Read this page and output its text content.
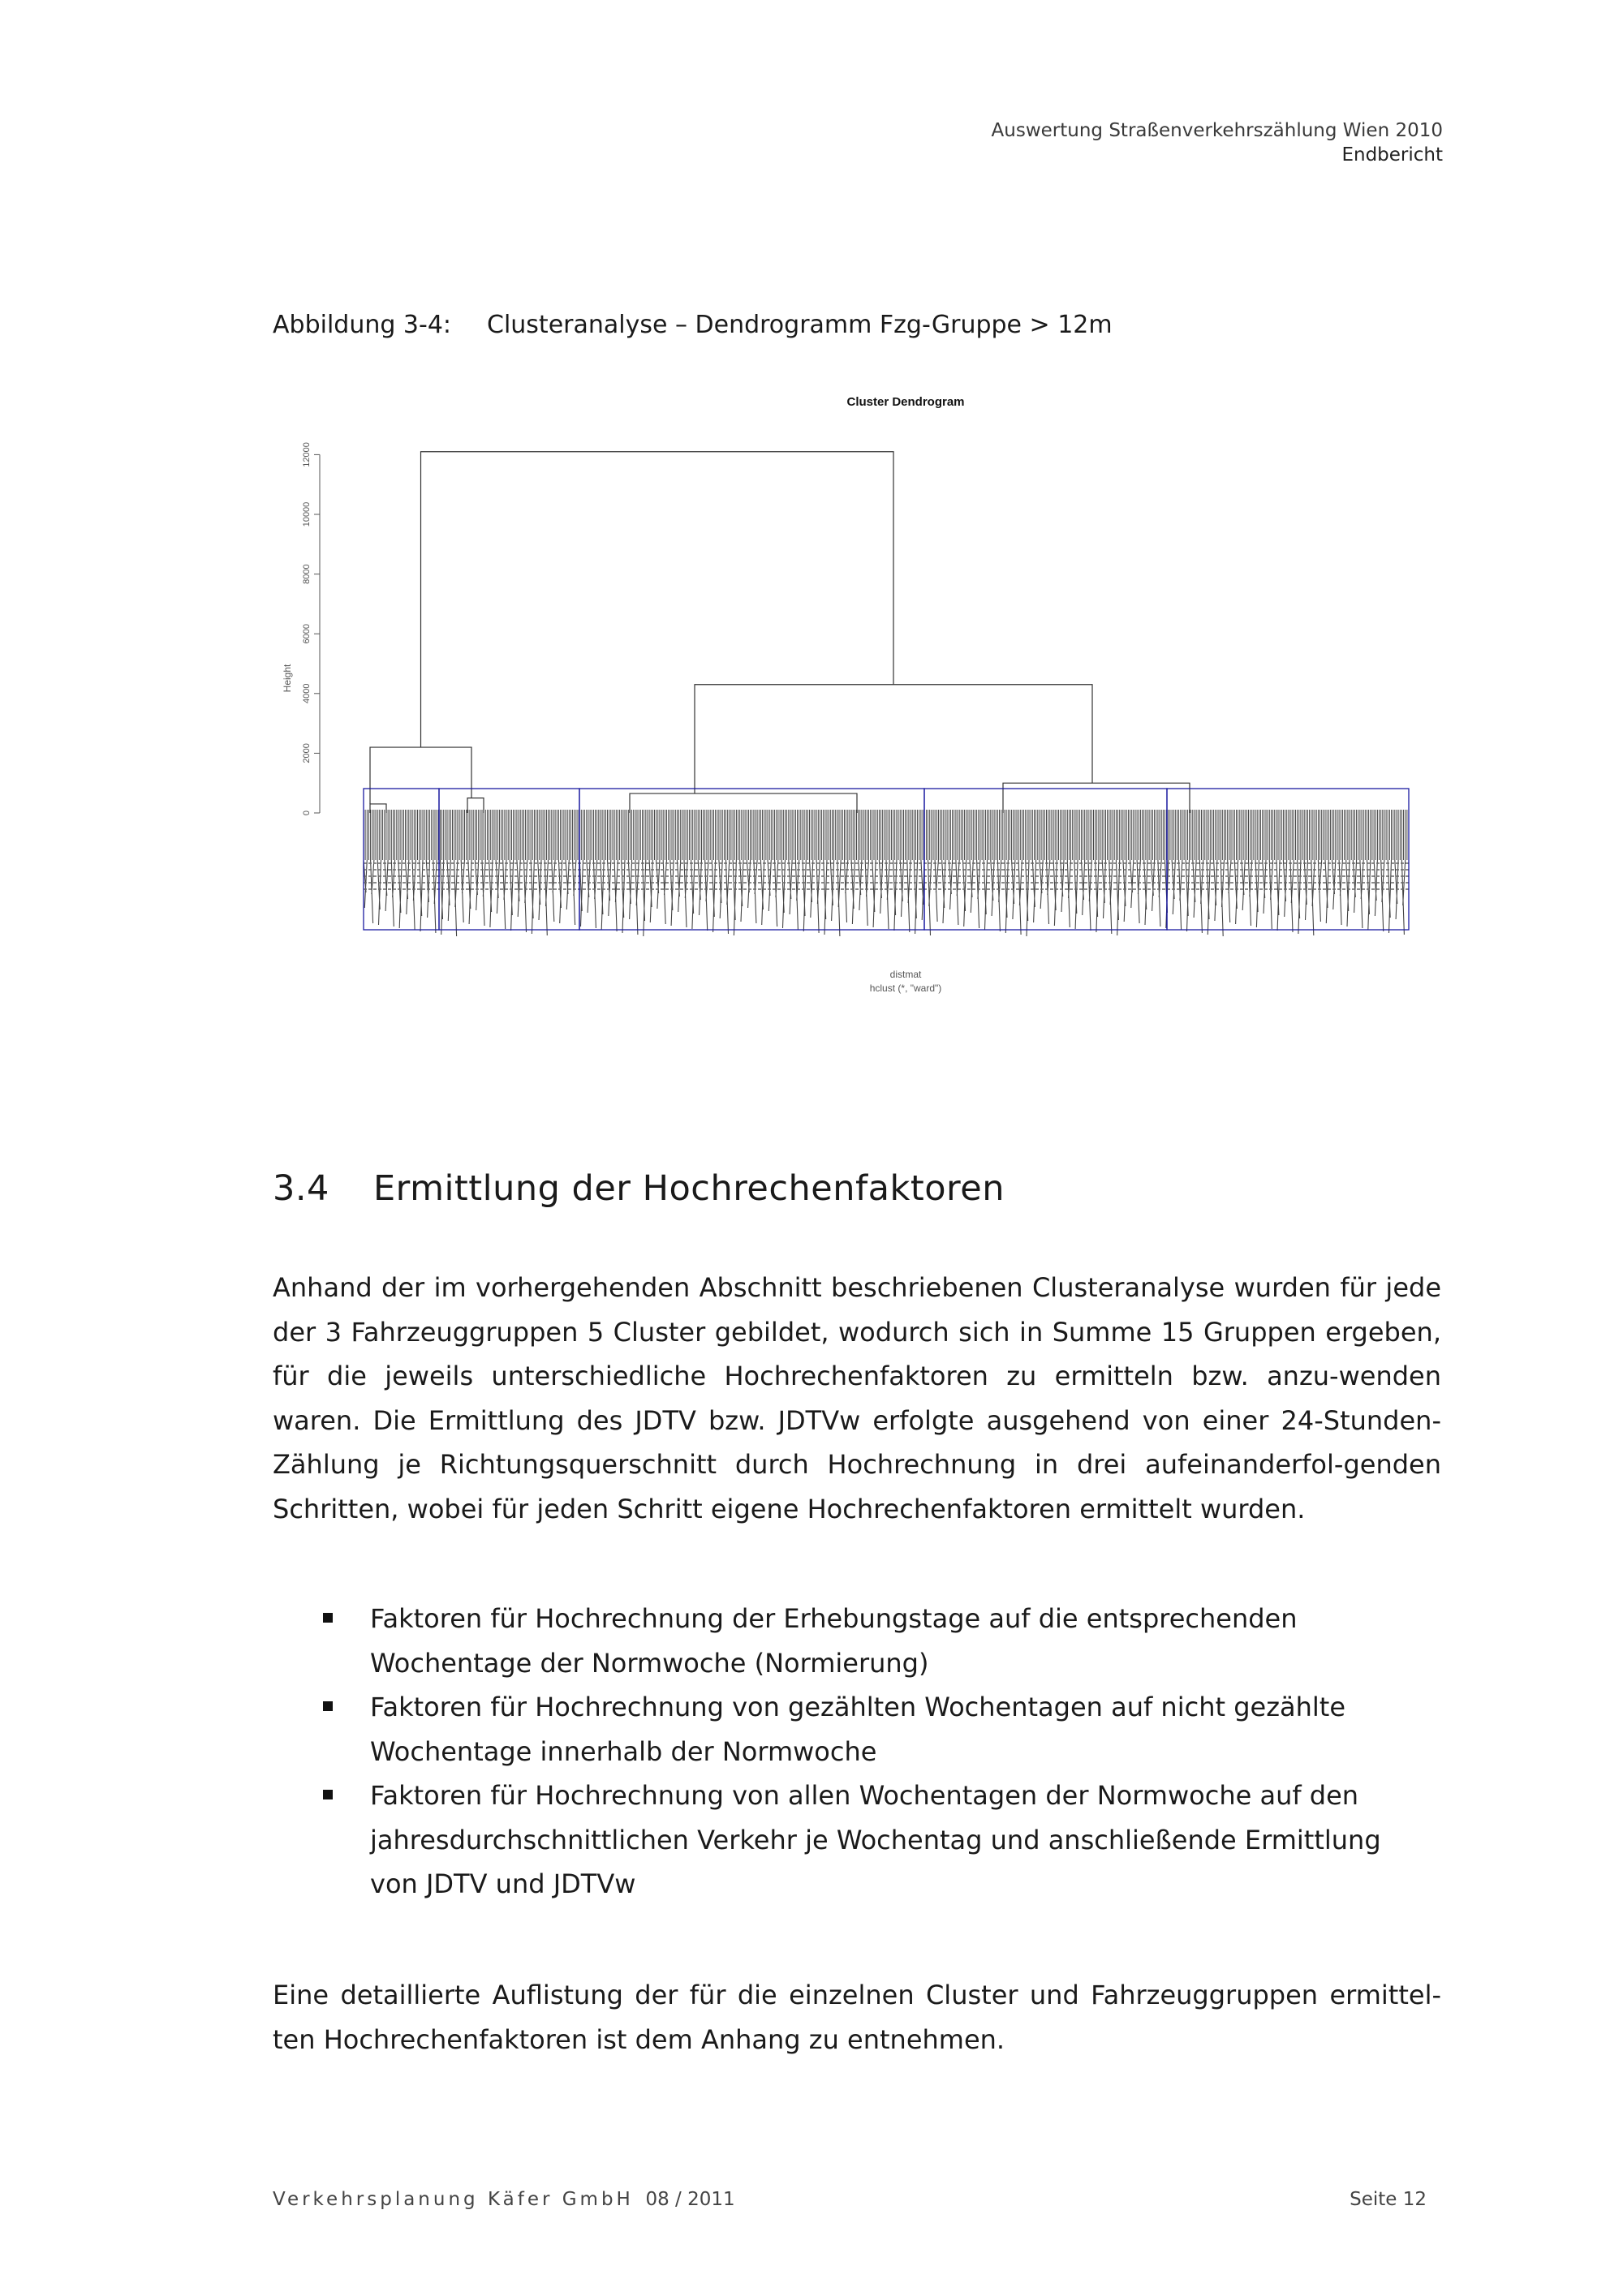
Auswertung Straßenverkehrszählung Wien 2010
Endbericht
Abbildung 3-4: Clusteranalyse – Dendrogramm Fzg-Gruppe > 12m
0
2000
4000
6000
8000
10000
12000
Cluster Dendrogram
Height
distmat
hclust (*, "ward")
3.4 Ermittlung der Hochrechenfaktoren
Anhand der im vorhergehenden Abschnitt beschriebenen Clusteranalyse wurden für jede der 3 Fahrzeuggruppen 5 Cluster gebildet, wodurch sich in Summe 15 Gruppen ergeben, für die jeweils unterschiedliche Hochrechenfaktoren zu ermitteln bzw. anzu-wenden waren. Die Ermittlung des JDTV bzw. JDTVw erfolgte ausgehend von einer 24-Stunden-Zählung je Richtungsquerschnitt durch Hochrechnung in drei aufeinanderfol-genden Schritten, wobei für jeden Schritt eigene Hochrechenfaktoren ermittelt wurden.
Faktoren für Hochrechnung der Erhebungstage auf die entsprechenden Wochentage der Normwoche (Normierung)
Faktoren für Hochrechnung von gezählten Wochentagen auf nicht gezählte Wochentage innerhalb der Normwoche
Faktoren für Hochrechnung von allen Wochentagen der Normwoche auf den jahresdurchschnittlichen Verkehr je Wochentag und anschließende Ermittlung von JDTV und JDTVw
Eine detaillierte Auflistung der für die einzelnen Cluster und Fahrzeuggruppen ermittel-ten Hochrechenfaktoren ist dem Anhang zu entnehmen.
Verkehrsplanung Käfer GmbH 08 / 2011	Seite 12
